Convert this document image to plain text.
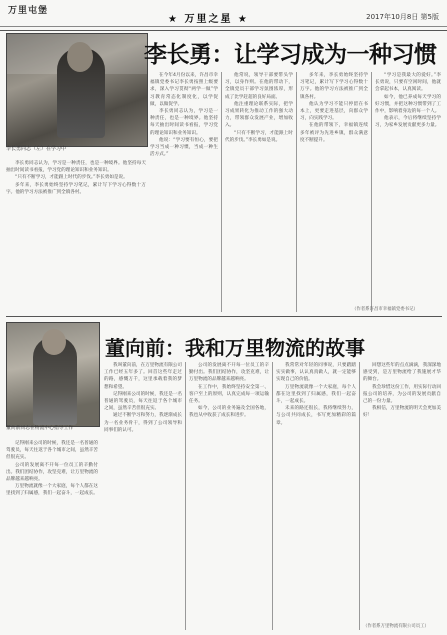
万里屯堡
★ 万里之星 ★	2017年10月8日 第5版
李长勇：让学习成为一种习惯
李长勇同志（左）在学习中
在今年4月份以来，许昌市幸福镇党委书记李长勇按照上级要求，深入学习贯彻“两学一做”学习教育常态化制度化，以学促做，以做促学。
李长勇同志认为，学习是一种责任，也是一种境界。他坚持每天抽出时间读书看报，学习党的理论知识和业务知识。
他说：“学习要有恒心，要把学习当成一种习惯，当成一种生活方式。”
他常说，领导干部要带头学习，以身作则。在他的带动下，全镇党员干部学习氛围浓厚，形成了比学赶超的良好局面。
他注重理论联系实际，把学习成果转化为推动工作的强大动力，带领群众发展产业，增加收入。
“只有不断学习，才能跟上时代的步伐。”李长勇如是说。
多年来，李长勇始终坚持学习笔记，累计写下学习心得数十万字。他的学习方法被推广到全镇各村。
他认为学习不能只停留在书本上，更要走进基层，向群众学习，向实践学习。
在他的带领下，幸福镇连续多年被评为先进乡镇，群众满意度不断提升。
“学习是我最大的爱好。”李长勇说，只要有空闲时间，他就会拿起书本，认真阅读。
如今，他已养成每天学习的好习惯，并把这种习惯带到了工作中，影响着身边的每一个人。
他表示，今后将继续坚持学习，为家乡发展贡献更多力量。
李长勇同志认为，学习是一种责任，也是一种境界。他坚持每天抽出时间读书看报，学习党的理论知识和业务知识。
“只有不断学习，才能跟上时代的步伐。”李长勇如是说。
多年来，李长勇始终坚持学习笔记，累计写下学习心得数十万字。他的学习方法被推广到全镇各村。
（作者系许昌市幸福镇党委书记）
董向前：我和万里物流的故事
董向前同志在物流中心指导工作
我叫董向前，在万里物流有限公司工作已经五年多了。回首这些年走过的路，感慨万千，这里承载着我的梦想和希望。
记得刚来公司的时候，我还是一名普通的驾驶员，每天往返于各个城市之间，虽然辛苦但很充实。
通过不断学习和努力，我逐渐成长为一名业务骨干，得到了公司领导和同事们的认可。
公司的发展离不开每一位员工的辛勤付出。我们团结协作，攻坚克难，让万里物流的品牌越来越响亮。
在工作中，我始终坚持安全第一、客户至上的原则，认真完成每一项运输任务。
如今，公司的业务遍及全国各地，我也从中收获了成长和进步。
我常常对年轻的同事说，只要踏踏实实做事，认认真真做人，就一定能够实现自己的价值。
万里物流就像一个大家庭，每个人都在这里找到了归属感，我们一起奋斗，一起成长。
未来的路还很长，我将继续努力，与公司共同成长，书写更加精彩的篇章。
回想这些年的点点滴滴，我深深地感受到，是万里物流给了我施展才华的舞台。
我会珍惜这份工作，用实际行动回报公司的培养，为公司的发展贡献自己的一份力量。
我相信，万里物流的明天会更加美好！
记得刚来公司的时候，我还是一名普通的驾驶员，每天往返于各个城市之间，虽然辛苦但很充实。
公司的发展离不开每一位员工的辛勤付出。我们团结协作，攻坚克难，让万里物流的品牌越来越响亮。
万里物流就像一个大家庭，每个人都在这里找到了归属感，我们一起奋斗，一起成长。
（作者系万里物流有限公司员工）
